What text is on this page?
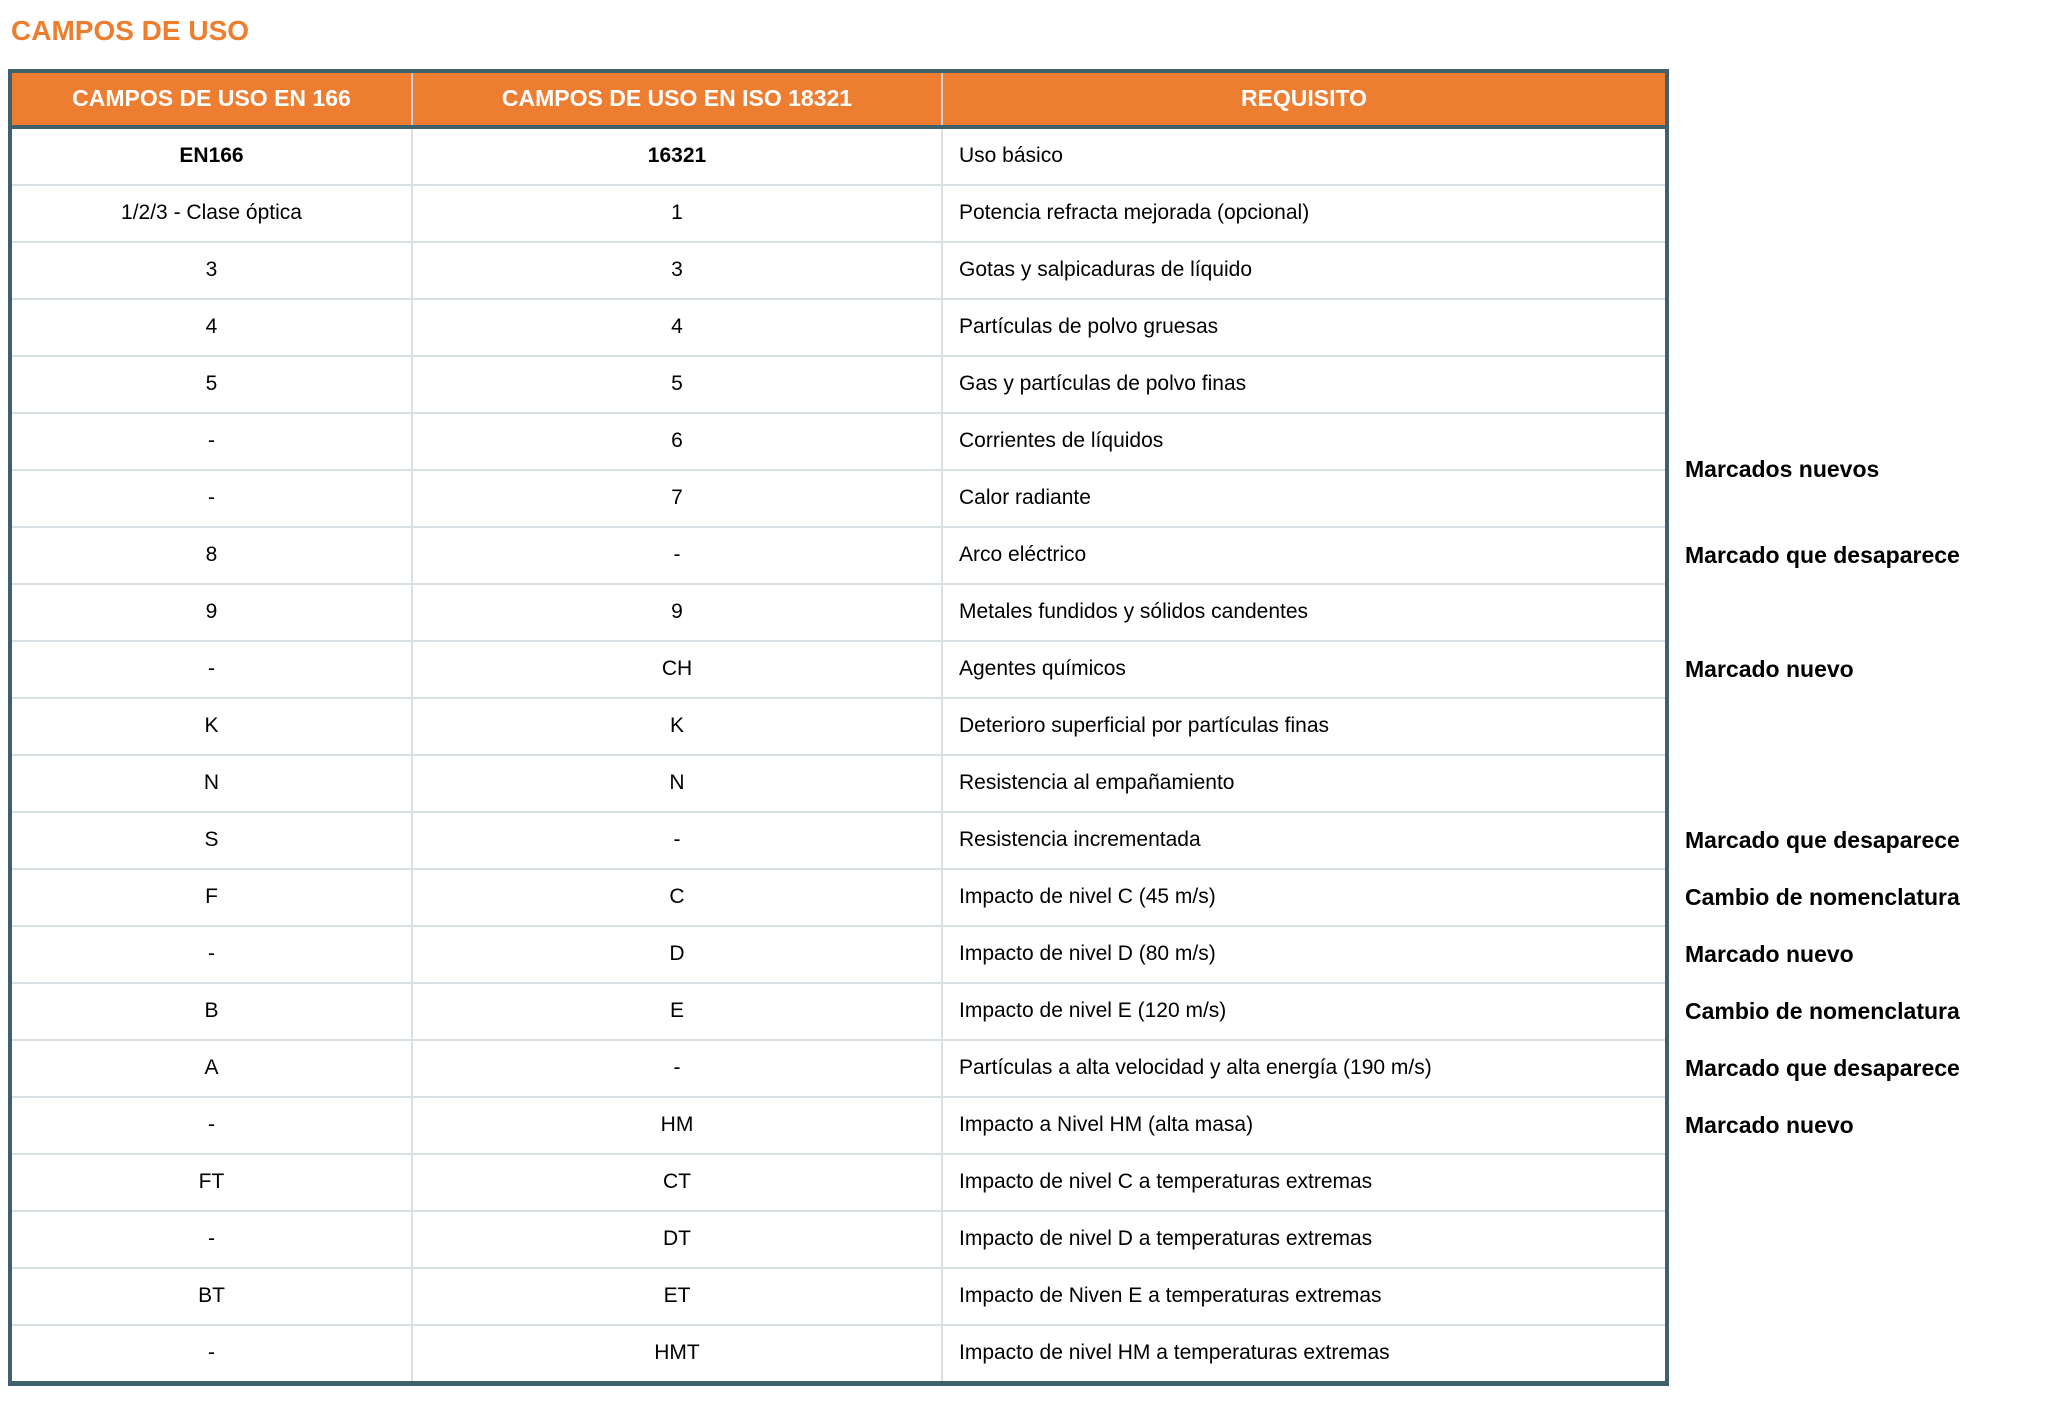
CAMPOS DE USO
CAMPOS DE USO EN 166	CAMPOS DE USO EN ISO 18321	REQUISITO	
EN166	16321	Uso básico	
1/2/3 - Clase óptica	1	Potencia refracta mejorada (opcional)	
3	3	Gotas y salpicaduras de líquido	
4	4	Partículas de polvo gruesas	
5	5	Gas y partículas de polvo finas	
-	6	Corrientes de líquidos	Marcados nuevos
-	7	Calor radiante	
8	-	Arco eléctrico	Marcado que desaparece
9	9	Metales fundidos y sólidos candentes	
-	CH	Agentes químicos	Marcado nuevo
K	K	Deterioro superficial por partículas finas	
N	N	Resistencia al empañamiento	
S	-	Resistencia incrementada	Marcado que desaparece
F	C	Impacto de nivel C (45 m/s)	Cambio de nomenclatura
-	D	Impacto de nivel D (80 m/s)	Marcado nuevo
B	E	Impacto de nivel E (120 m/s)	Cambio de nomenclatura
A	-	Partículas a alta velocidad y alta energía (190 m/s)	Marcado que desaparece
-	HM	Impacto a Nivel HM (alta masa)	Marcado nuevo
FT	CT	Impacto de nivel C a temperaturas extremas	
-	DT	Impacto de nivel D a temperaturas extremas	
BT	ET	Impacto de Niven E a temperaturas extremas	
-	HMT	Impacto de nivel HM a temperaturas extremas	
